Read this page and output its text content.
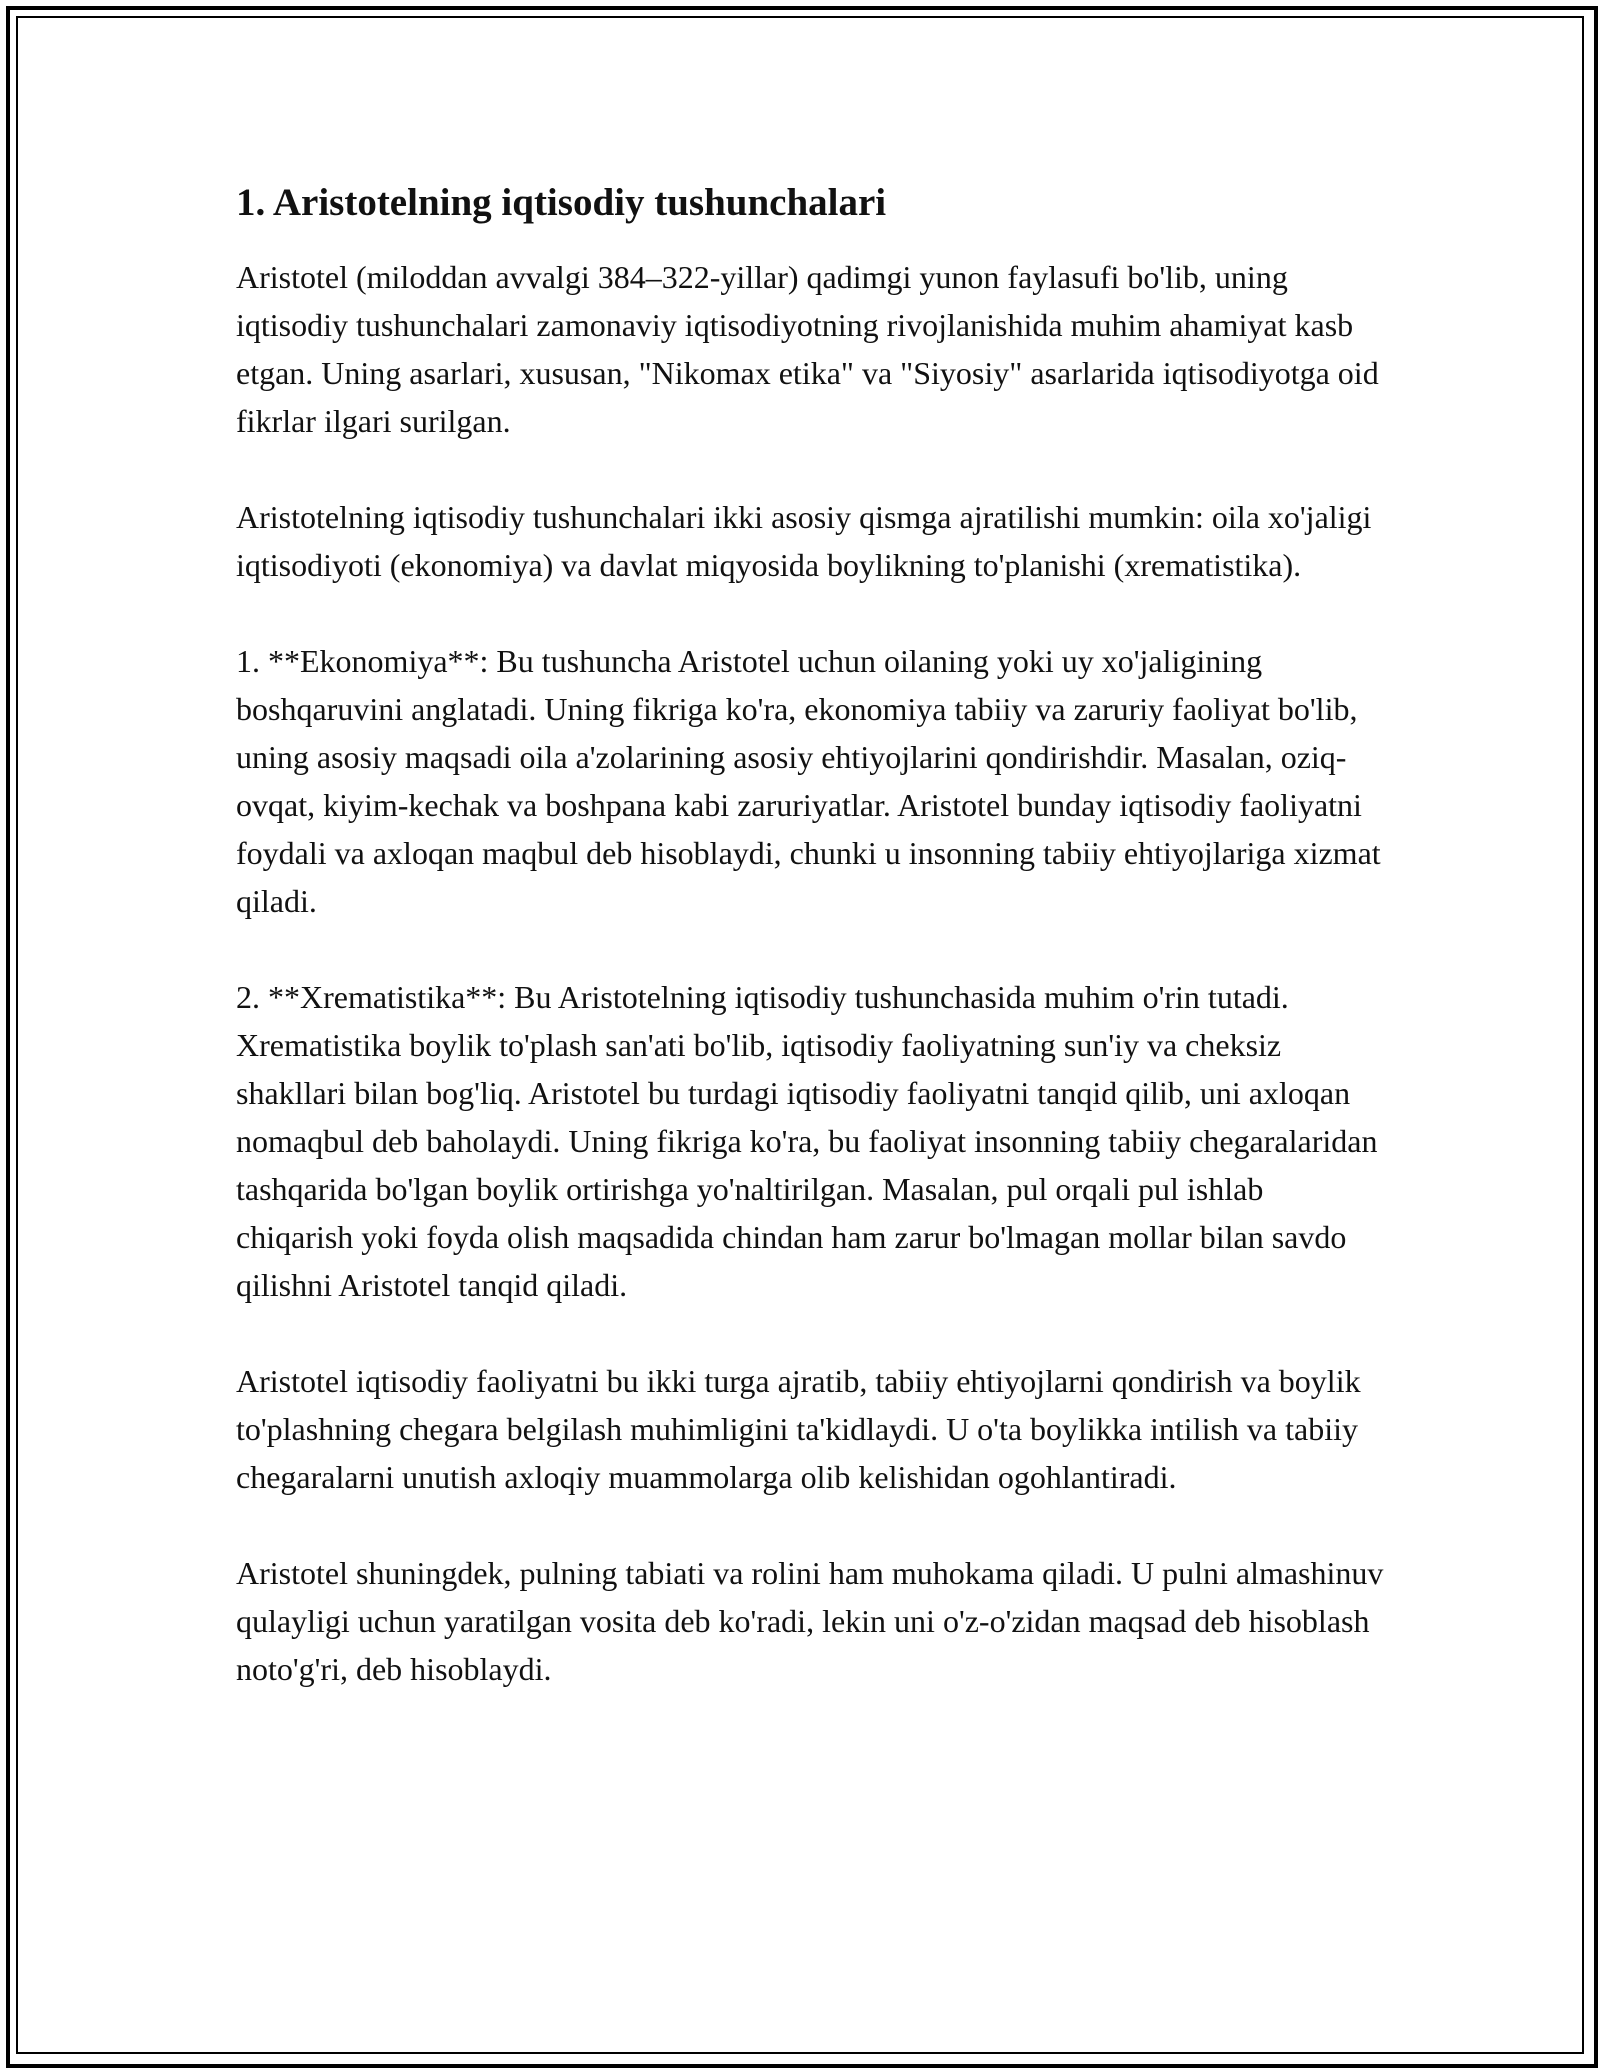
1. Aristotelning iqtisodiy tushunchalari

Aristotel (miloddan avvalgi 384–322-yillar) qadimgi yunon faylasufi bo'lib, uning iqtisodiy tushunchalari zamonaviy iqtisodiyotning rivojlanishida muhim ahamiyat kasb etgan. Uning asarlari, xususan, "Nikomax etika" va "Siyosiy" asarlarida iqtisodiyotga oid fikrlar ilgari surilgan.

Aristotelning iqtisodiy tushunchalari ikki asosiy qismga ajratilishi mumkin: oila xo'jaligi iqtisodiyoti (ekonomiya) va davlat miqyosida boylikning to'planishi (xrematistika).

1. **Ekonomiya**: Bu tushuncha Aristotel uchun oilaning yoki uy xo'jaligining boshqaruvini anglatadi. Uning fikriga ko'ra, ekonomiya tabiiy va zaruriy faoliyat bo'lib, uning asosiy maqsadi oila a'zolarining asosiy ehtiyojlarini qondirishdir. Masalan, oziq-ovqat, kiyim-kechak va boshpana kabi zaruriyatlar. Aristotel bunday iqtisodiy faoliyatni foydali va axloqan maqbul deb hisoblaydi, chunki u insonning tabiiy ehtiyojlariga xizmat qiladi.

2. **Xrematistika**: Bu Aristotelning iqtisodiy tushunchasida muhim o'rin tutadi. Xrematistika boylik to'plash san'ati bo'lib, iqtisodiy faoliyatning sun'iy va cheksiz shakllari bilan bog'liq. Aristotel bu turdagi iqtisodiy faoliyatni tanqid qilib, uni axloqan nomaqbul deb baholaydi. Uning fikriga ko'ra, bu faoliyat insonning tabiiy chegaralaridan tashqarida bo'lgan boylik ortirishga yo'naltirilgan. Masalan, pul orqali pul ishlab chiqarish yoki foyda olish maqsadida chindan ham zarur bo'lmagan mollar bilan savdo qilishni Aristotel tanqid qiladi.

Aristotel iqtisodiy faoliyatni bu ikki turga ajratib, tabiiy ehtiyojlarni qondirish va boylik to'plashning chegara belgilash muhimligini ta'kidlaydi. U o'ta boylikka intilish va tabiiy chegaralarni unutish axloqiy muammolarga olib kelishidan ogohlantiradi.

Aristotel shuningdek, pulning tabiati va rolini ham muhokama qiladi. U pulni almashinuv qulayligi uchun yaratilgan vosita deb ko'radi, lekin uni o'z-o'zidan maqsad deb hisoblash noto'g'ri, deb hisoblaydi.
